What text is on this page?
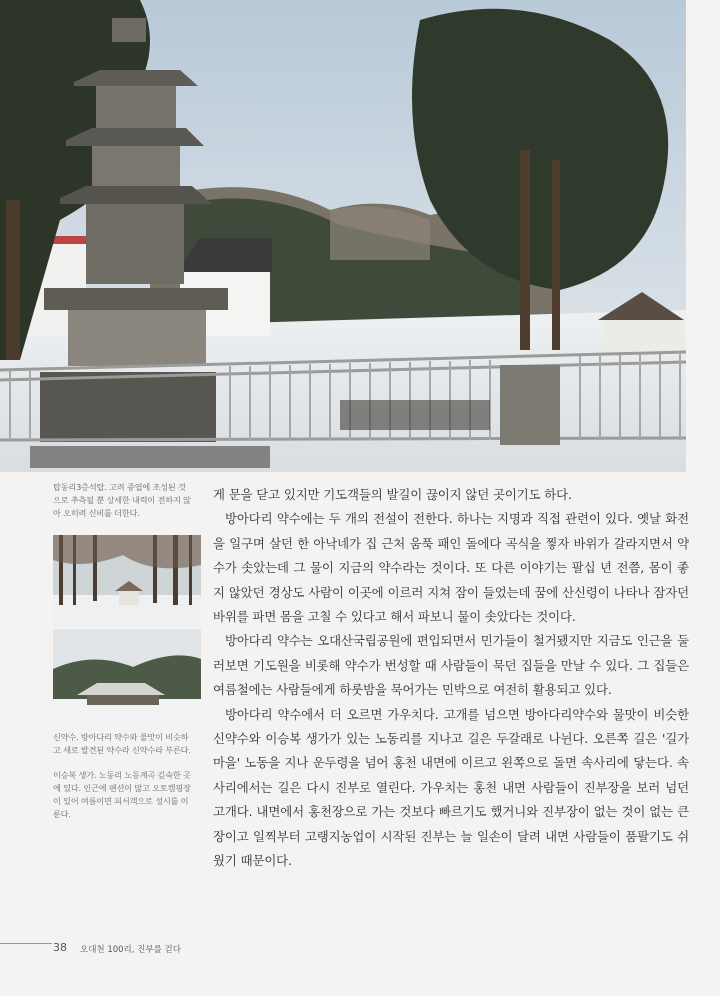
탑동리3층석탑. 고려 중엽에 조성된 것
으로 추측될 뿐 상세한 내력이 전하지 않
아 오히려 신비를 더한다.
신약수. 방아다리 약수와 물맛이 비슷하
고 새로 발견된 약수라 신약수라 부른다.
이승복 생가. 노동리 노동계곡 깊숙한 곳
에 있다. 인근에 펜션이 많고 오토캠핑장
이 있어 여름이면 피서객으로 성시를 이
룬다.

게 문을 닫고 있지만 기도객들의 발길이 끊이지 않던 곳이기도 하다.

방아다리 약수에는 두 개의 전설이 전한다. 하나는 지명과 직접 관련이 있다. 옛날 화전을 일구며 살던 한 아낙네가 집 근처 움푹 패인 돌에다 곡식을 찧자 바위가 갈라지면서 약수가 솟았는데 그 물이 지금의 약수라는 것이다. 또 다른 이야기는 팔십 년 전쯤, 몸이 좋지 않았던 경상도 사람이 이곳에 이르러 지쳐 잠이 들었는데 꿈에 산신령이 나타나 잠자던 바위를 파면 몸을 고칠 수 있다고 해서 파보니 물이 솟았다는 것이다.

방아다리 약수는 오대산국립공원에 편입되면서 민가들이 철거됐지만 지금도 인근을 둘러보면 기도원을 비롯해 약수가 번성할 때 사람들이 묵던 집들을 만날 수 있다. 그 집들은 여름철에는 사람들에게 하룻밤을 묵어가는 민박으로 여전히 활용되고 있다.

방아다리 약수에서 더 오르면 가우치다. 고개를 넘으면 방아다리약수와 물맛이 비슷한 신약수와 이승복 생가가 있는 노동리를 지나고 길은 두갈래로 나뉜다. 오른쪽 길은 '길가마을' 노동을 지나 운두령을 넘어 홍천 내면에 이르고 왼쪽으로 돌면 속사리에 닿는다. 속사리에서는 길은 다시 진부로 열린다. 가우치는 홍천 내면 사람들이 진부장을 보러 넘던 고개다. 내면에서 홍천장으로 가는 것보다 빠르기도 했거니와 진부장이 없는 것이 없는 큰 장이고 일찍부터 고랭지농업이 시작된 진부는 늘 일손이 달려 내면 사람들이 품팔기도 쉬웠기 때문이다.

38 오대천 100리, 진부를 걷다
